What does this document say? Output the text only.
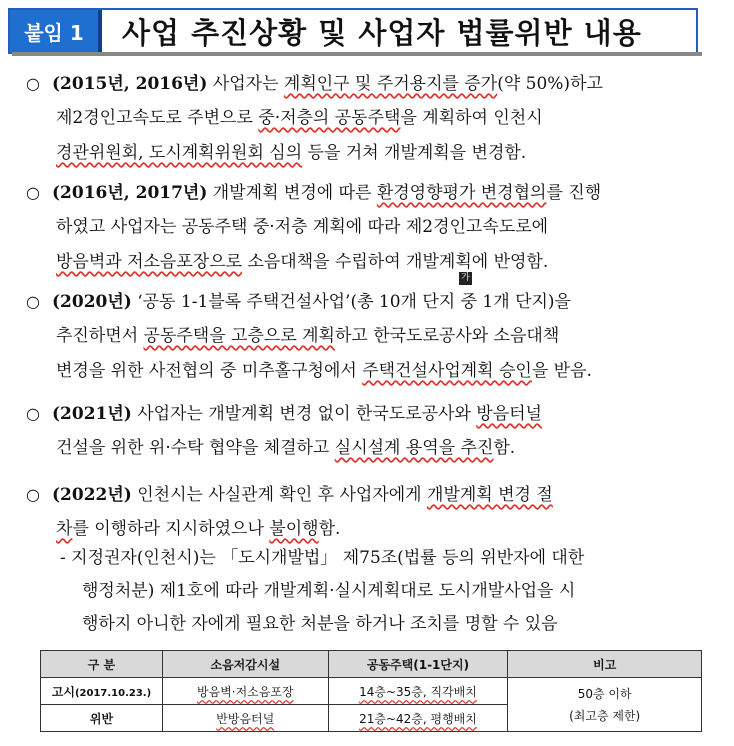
붙임 1	사업 추진상황 및 사업자 법률위반 내용
○ (2015년, 2016년) 사업자는 계획인구 및 주거용지를 증가(약 50%)하고
제2경인고속도로 주변으로 중·저층의 공동주택을 계획하여 인천시
경관위원회, 도시계획위원회 심의 등을 거쳐 개발계획을 변경함.
○ (2016년, 2017년) 개발계획 변경에 따른 환경영향평가 변경협의를 진행
하였고 사업자는 공동주택 중·저층 계획에 따라 제2경인고속도로에
방음벽과 저소음포장으로 소음대책을 수립하여 개발계획에 반영함.
가
○ (2020년) ‘공동 1-1블록 주택건설사업’(총 10개 단지 중 1개 단지)을
추진하면서 공동주택을 고층으로 계획하고 한국도로공사와 소음대책
변경을 위한 사전협의 중 미추홀구청에서 주택건설사업계획 승인을 받음.
○ (2021년) 사업자는 개발계획 변경 없이 한국도로공사와 방음터널
건설을 위한 위·수탁 협약을 체결하고 실시설계 용역을 추진함.
○ (2022년) 인천시는 사실관계 확인 후 사업자에게 개발계획 변경 절
차를 이행하라 지시하였으나 불이행함.
- 지정권자(인천시)는 「도시개발법」 제75조(법률 등의 위반자에 대한
행정처분) 제1호에 따라 개발계획·실시계획대로 도시개발사업을 시
행하지 아니한 자에게 필요한 처분을 하거나 조치를 명할 수 있음
구 분	소음저감시설	공동주택(1-1단지)	비고
고시(2017.10.23.)	방음벽·저소음포장	14층~35층, 직각배치	50층 이하
(최고층 제한)
위반	반방음터널	21층~42층, 평행배치	
